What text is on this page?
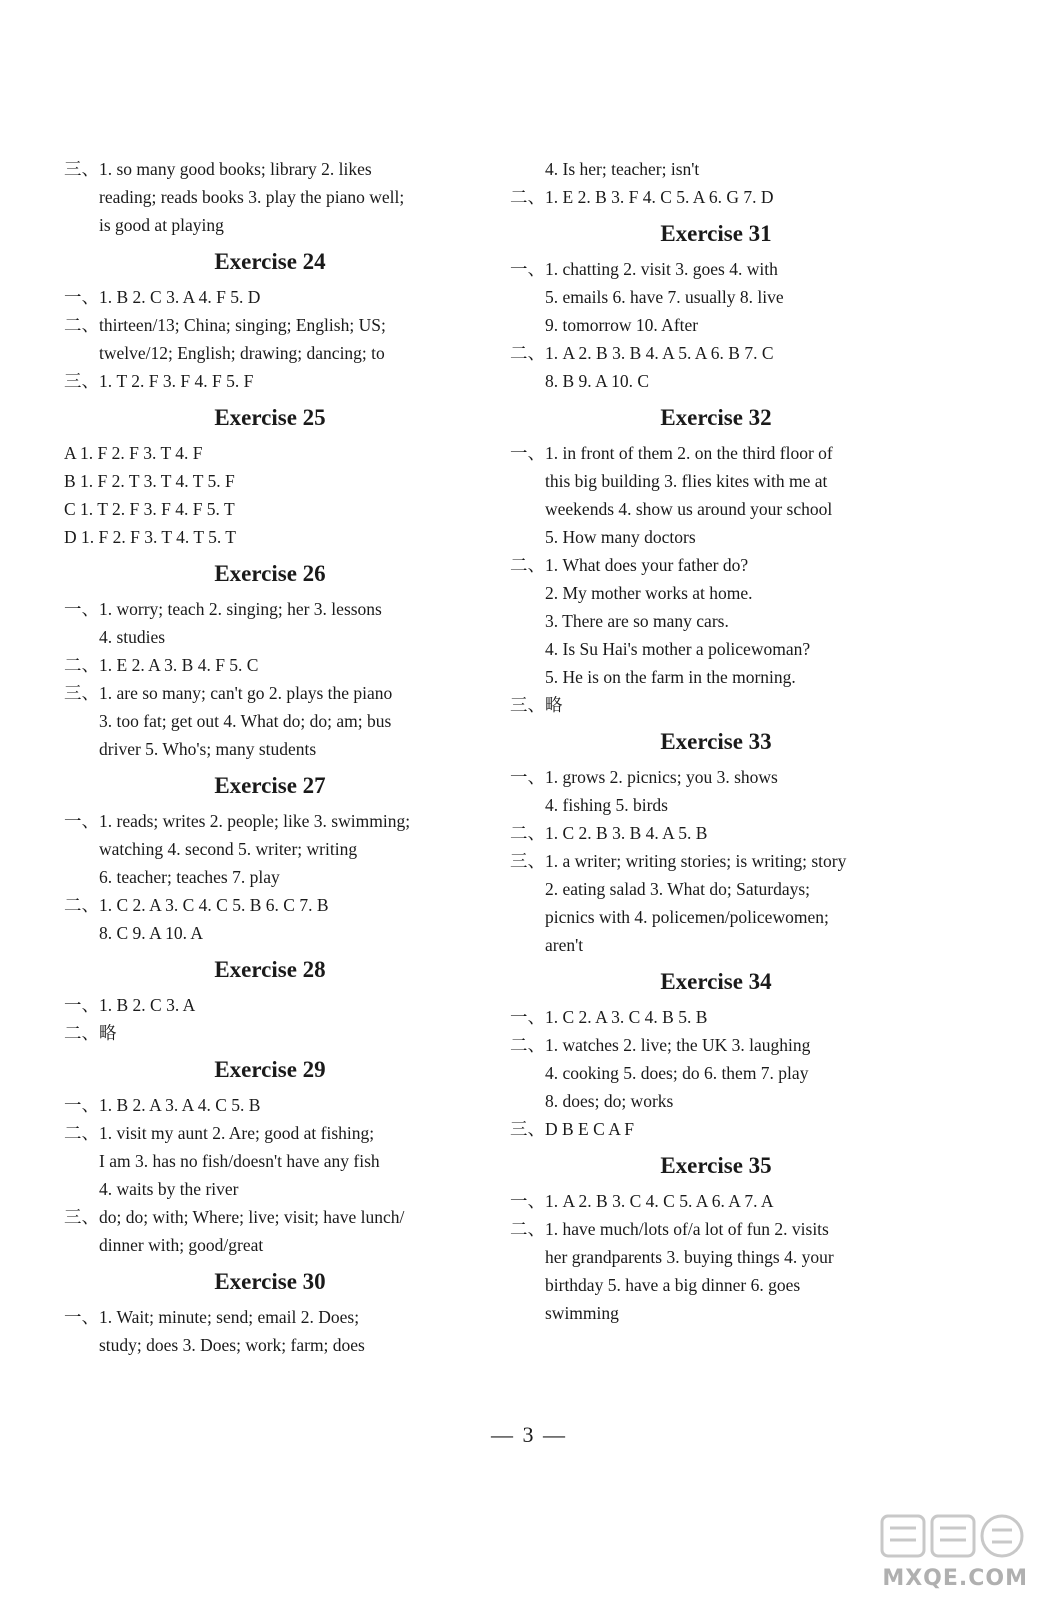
三、1. so many good books; library 2. likes
reading; reads books 3. play the piano well;
is good at playing
Exercise 24
一、1. B 2. C 3. A 4. F 5. D
二、thirteen/13; China; singing; English; US;
twelve/12; English; drawing; dancing; to
三、1. T 2. F 3. F 4. F 5. F
Exercise 25
A 1. F 2. F 3. T 4. F
B 1. F 2. T 3. T 4. T 5. F
C 1. T 2. F 3. F 4. F 5. T
D 1. F 2. F 3. T 4. T 5. T
Exercise 26
一、1. worry; teach 2. singing; her 3. lessons
4. studies
二、1. E 2. A 3. B 4. F 5. C
三、1. are so many; can't go 2. plays the piano
3. too fat; get out 4. What do; do; am; bus
driver 5. Who's; many students
Exercise 27
一、1. reads; writes 2. people; like 3. swimming;
watching 4. second 5. writer; writing
6. teacher; teaches 7. play
二、1. C 2. A 3. C 4. C 5. B 6. C 7. B
8. C 9. A 10. A
Exercise 28
一、1. B 2. C 3. A
二、略
Exercise 29
一、1. B 2. A 3. A 4. C 5. B
二、1. visit my aunt 2. Are; good at fishing;
I am 3. has no fish/doesn't have any fish
4. waits by the river
三、do; do; with; Where; live; visit; have lunch/
dinner with; good/great
Exercise 30
一、1. Wait; minute; send; email 2. Does;
study; does 3. Does; work; farm; does
4. Is her; teacher; isn't
二、1. E 2. B 3. F 4. C 5. A 6. G 7. D
Exercise 31
一、1. chatting 2. visit 3. goes 4. with
5. emails 6. have 7. usually 8. live
9. tomorrow 10. After
二、1. A 2. B 3. B 4. A 5. A 6. B 7. C
8. B 9. A 10. C
Exercise 32
一、1. in front of them 2. on the third floor of
this big building 3. flies kites with me at
weekends 4. show us around your school
5. How many doctors
二、1. What does your father do?
2. My mother works at home.
3. There are so many cars.
4. Is Su Hai's mother a policewoman?
5. He is on the farm in the morning.
三、略
Exercise 33
一、1. grows 2. picnics; you 3. shows
4. fishing 5. birds
二、1. C 2. B 3. B 4. A 5. B
三、1. a writer; writing stories; is writing; story
2. eating salad 3. What do; Saturdays;
picnics with 4. policemen/policewomen;
aren't
Exercise 34
一、1. C 2. A 3. C 4. B 5. B
二、1. watches 2. live; the UK 3. laughing
4. cooking 5. does; do 6. them 7. play
8. does; do; works
三、D B E C A F
Exercise 35
一、1. A 2. B 3. C 4. C 5. A 6. A 7. A
二、1. have much/lots of/a lot of fun 2. visits
her grandparents 3. buying things 4. your
birthday 5. have a big dinner 6. goes
swimming
— 3 —
MXQE.COM
